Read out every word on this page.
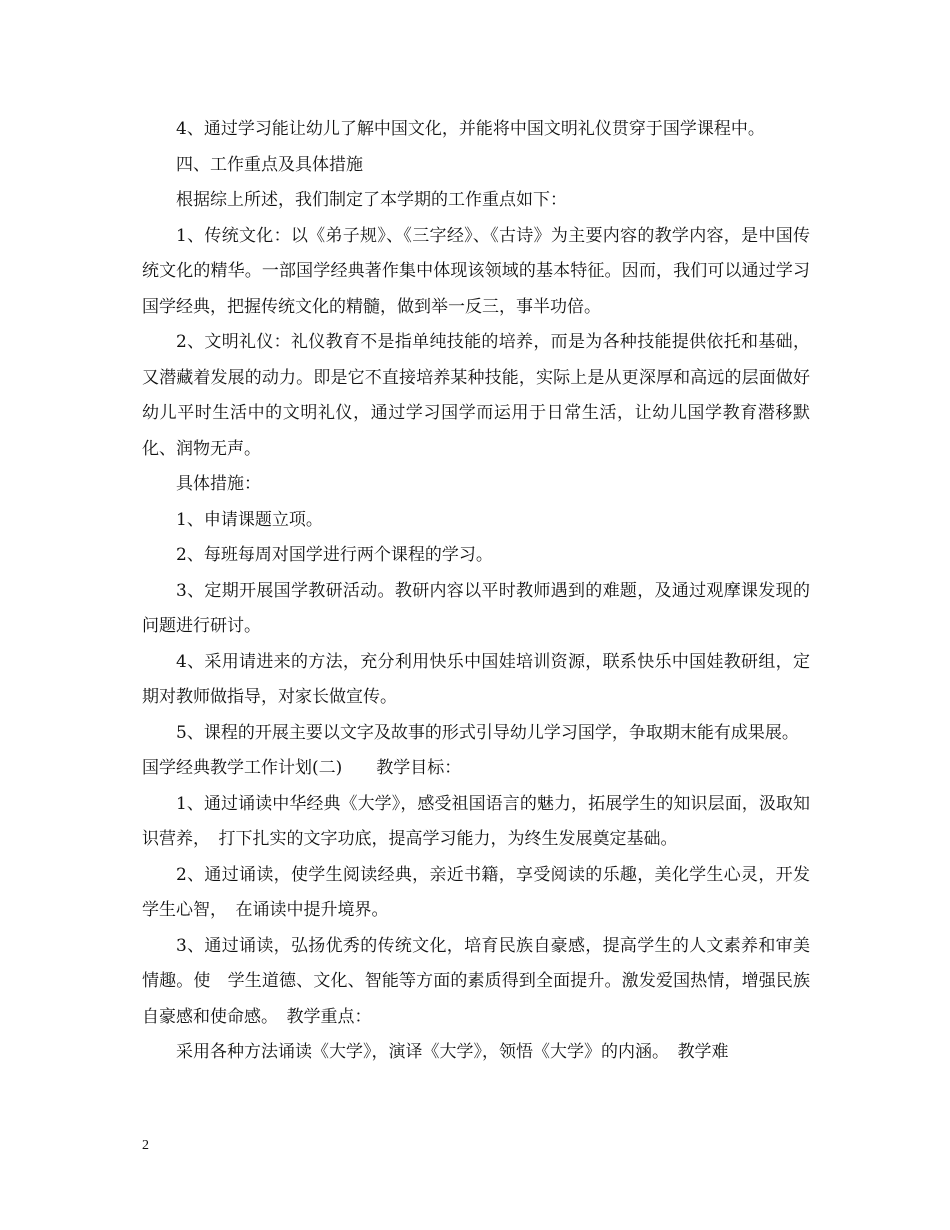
4、通过学习能让幼儿了解中国文化，并能将中国文明礼仪贯穿于国学课程中。

四、工作重点及具体措施

根据综上所述，我们制定了本学期的工作重点如下：

1、传统文化：以《弟子规》、《三字经》、《古诗》为主要内容的教学内容，是中国传统文化的精华。一部国学经典著作集中体现该领域的基本特征。因而，我们可以通过学习国学经典，把握传统文化的精髓，做到举一反三，事半功倍。

2、文明礼仪：礼仪教育不是指单纯技能的培养，而是为各种技能提供依托和基础，又潜藏着发展的动力。即是它不直接培养某种技能，实际上是从更深厚和高远的层面做好幼儿平时生活中的文明礼仪，通过学习国学而运用于日常生活，让幼儿国学教育潜移默化、润物无声。

具体措施：

1、申请课题立项。

2、每班每周对国学进行两个课程的学习。

3、定期开展国学教研活动。教研内容以平时教师遇到的难题，及通过观摩课发现的问题进行研讨。

4、采用请进来的方法，充分利用快乐中国娃培训资源，联系快乐中国娃教研组，定期对教师做指导，对家长做宣传。

5、课程的开展主要以文字及故事的形式引导幼儿学习国学，争取期末能有成果展。

国学经典教学工作计划(二)　　教学目标：

1、通过诵读中华经典《大学》，感受祖国语言的魅力，拓展学生的知识层面，汲取知识营养，　打下扎实的文字功底，提高学习能力，为终生发展奠定基础。

2、通过诵读，使学生阅读经典，亲近书籍，享受阅读的乐趣，美化学生心灵，开发学生心智，　在诵读中提升境界。

3、通过诵读，弘扬优秀的传统文化，培育民族自豪感，提高学生的人文素养和审美情趣。使　学生道德、文化、智能等方面的素质得到全面提升。激发爱国热情，增强民族自豪感和使命感。　教学重点：

采用各种方法诵读《大学》，演译《大学》，领悟《大学》的内涵。　教学难

2
